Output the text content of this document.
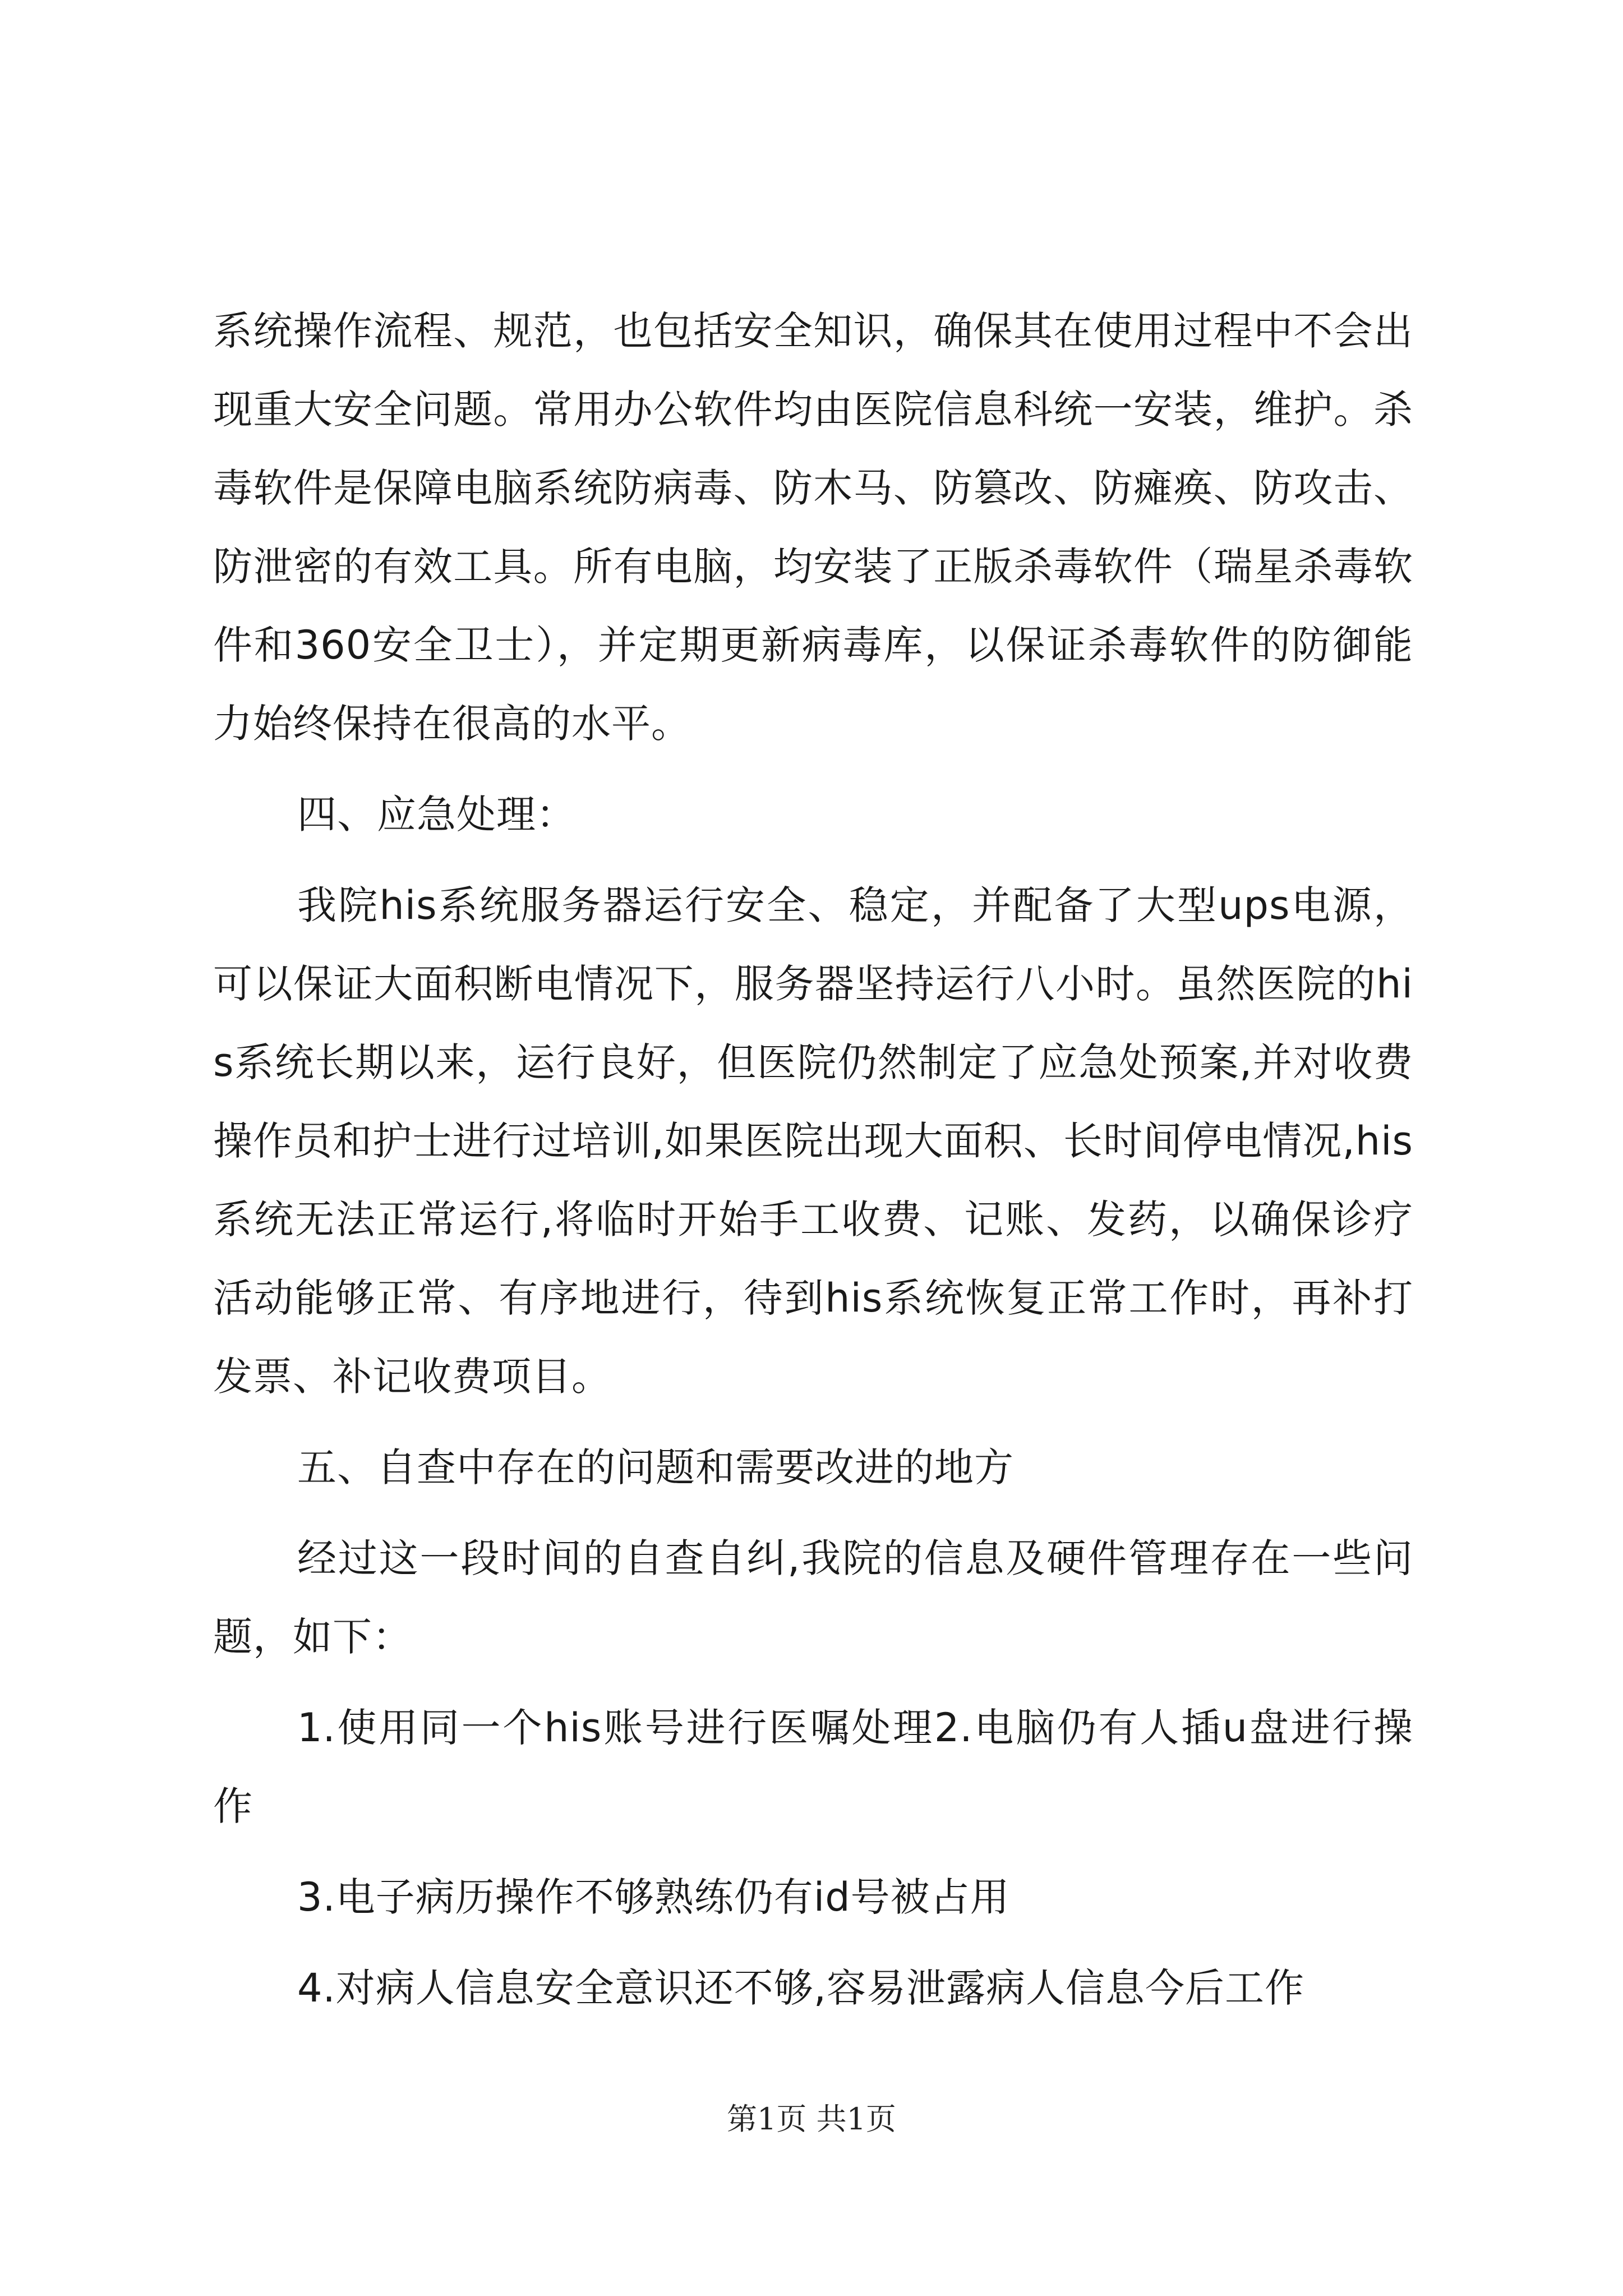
系统操作流程、规范，也包括安全知识，确保其在使用过程中不会出现重大安全问题。常用办公软件均由医院信息科统一安装，维护。杀毒软件是保障电脑系统防病毒、防木马、防篡改、防瘫痪、防攻击、防泄密的有效工具。所有电脑，均安装了正版杀毒软件（瑞星杀毒软件和360安全卫士），并定期更新病毒库，以保证杀毒软件的防御能力始终保持在很高的水平。

四、应急处理：

我院his系统服务器运行安全、稳定，并配备了大型ups电源，可以保证大面积断电情况下，服务器坚持运行八小时。虽然医院的his系统长期以来，运行良好，但医院仍然制定了应急处预案,并对收费操作员和护士进行过培训,如果医院出现大面积、长时间停电情况,his系统无法正常运行,将临时开始手工收费、记账、发药，以确保诊疗活动能够正常、有序地进行，待到his系统恢复正常工作时，再补打发票、补记收费项目。

五、自查中存在的问题和需要改进的地方

经过这一段时间的自查自纠,我院的信息及硬件管理存在一些问题，如下：

1.使用同一个his账号进行医嘱处理2.电脑仍有人插u盘进行操作

3.电子病历操作不够熟练仍有id号被占用

4.对病人信息安全意识还不够,容易泄露病人信息今后工作

第1页 共1页
